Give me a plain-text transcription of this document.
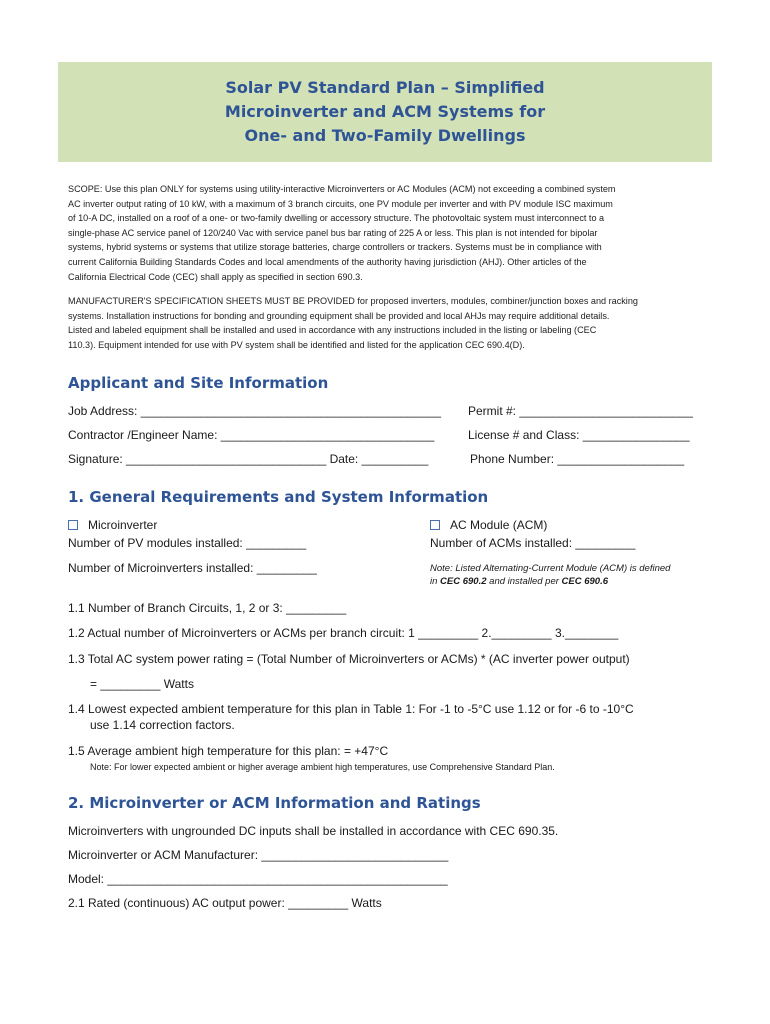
Solar PV Standard Plan – Simplified
Microinverter and ACM Systems for
One- and Two-Family Dwellings
SCOPE: Use this plan ONLY for systems using utility-interactive Microinverters or AC Modules (ACM) not exceeding a combined system
AC inverter output rating of 10 kW, with a maximum of 3 branch circuits, one PV module per inverter and with PV module ISC maximum
of 10-A DC, installed on a roof of a one- or two-family dwelling or accessory structure. The photovoltaic system must interconnect to a
single-phase AC service panel of 120/240 Vac with service panel bus bar rating of 225 A or less. This plan is not intended for bipolar
systems, hybrid systems or systems that utilize storage batteries, charge controllers or trackers. Systems must be in compliance with
current California Building Standards Codes and local amendments of the authority having jurisdiction (AHJ). Other articles of the
California Electrical Code (CEC) shall apply as specified in section 690.3.
MANUFACTURER'S SPECIFICATION SHEETS MUST BE PROVIDED for proposed inverters, modules, combiner/junction boxes and racking
systems. Installation instructions for bonding and grounding equipment shall be provided and local AHJs may require additional details.
Listed and labeled equipment shall be installed and used in accordance with any instructions included in the listing or labeling (CEC
110.3). Equipment intended for use with PV system shall be identified and listed for the application CEC 690.4(D).
Applicant and Site Information
Job Address: _____________________________________________ Permit #: __________________________
Contractor /Engineer Name: ________________________________	License # and Class: ________________
Signature: ______________________________ Date: __________	Phone Number: ___________________
1. General Requirements and System Information
Microinverter	AC Module (ACM)
Number of PV modules installed: _________	Number of ACMs installed: _________
Number of Microinverters installed: _________	Note: Listed Alternating-Current Module (ACM) is defined
in CEC 690.2 and installed per CEC 690.6
1.1 Number of Branch Circuits, 1, 2 or 3: _________
1.2 Actual number of Microinverters or ACMs per branch circuit: 1 _________ 2._________ 3.________
1.3 Total AC system power rating = (Total Number of Microinverters or ACMs) * (AC inverter power output)
= _________ Watts
1.4 Lowest expected ambient temperature for this plan in Table 1: For -1 to -5°C use 1.12 or for -6 to -10°C
use 1.14 correction factors.
1.5 Average ambient high temperature for this plan: = +47°C
Note: For lower expected ambient or higher average ambient high temperatures, use Comprehensive Standard Plan.
2. Microinverter or ACM Information and Ratings
Microinverters with ungrounded DC inputs shall be installed in accordance with CEC 690.35.
Microinverter or ACM Manufacturer: ____________________________
Model: ___________________________________________________
2.1 Rated (continuous) AC output power: _________ Watts
